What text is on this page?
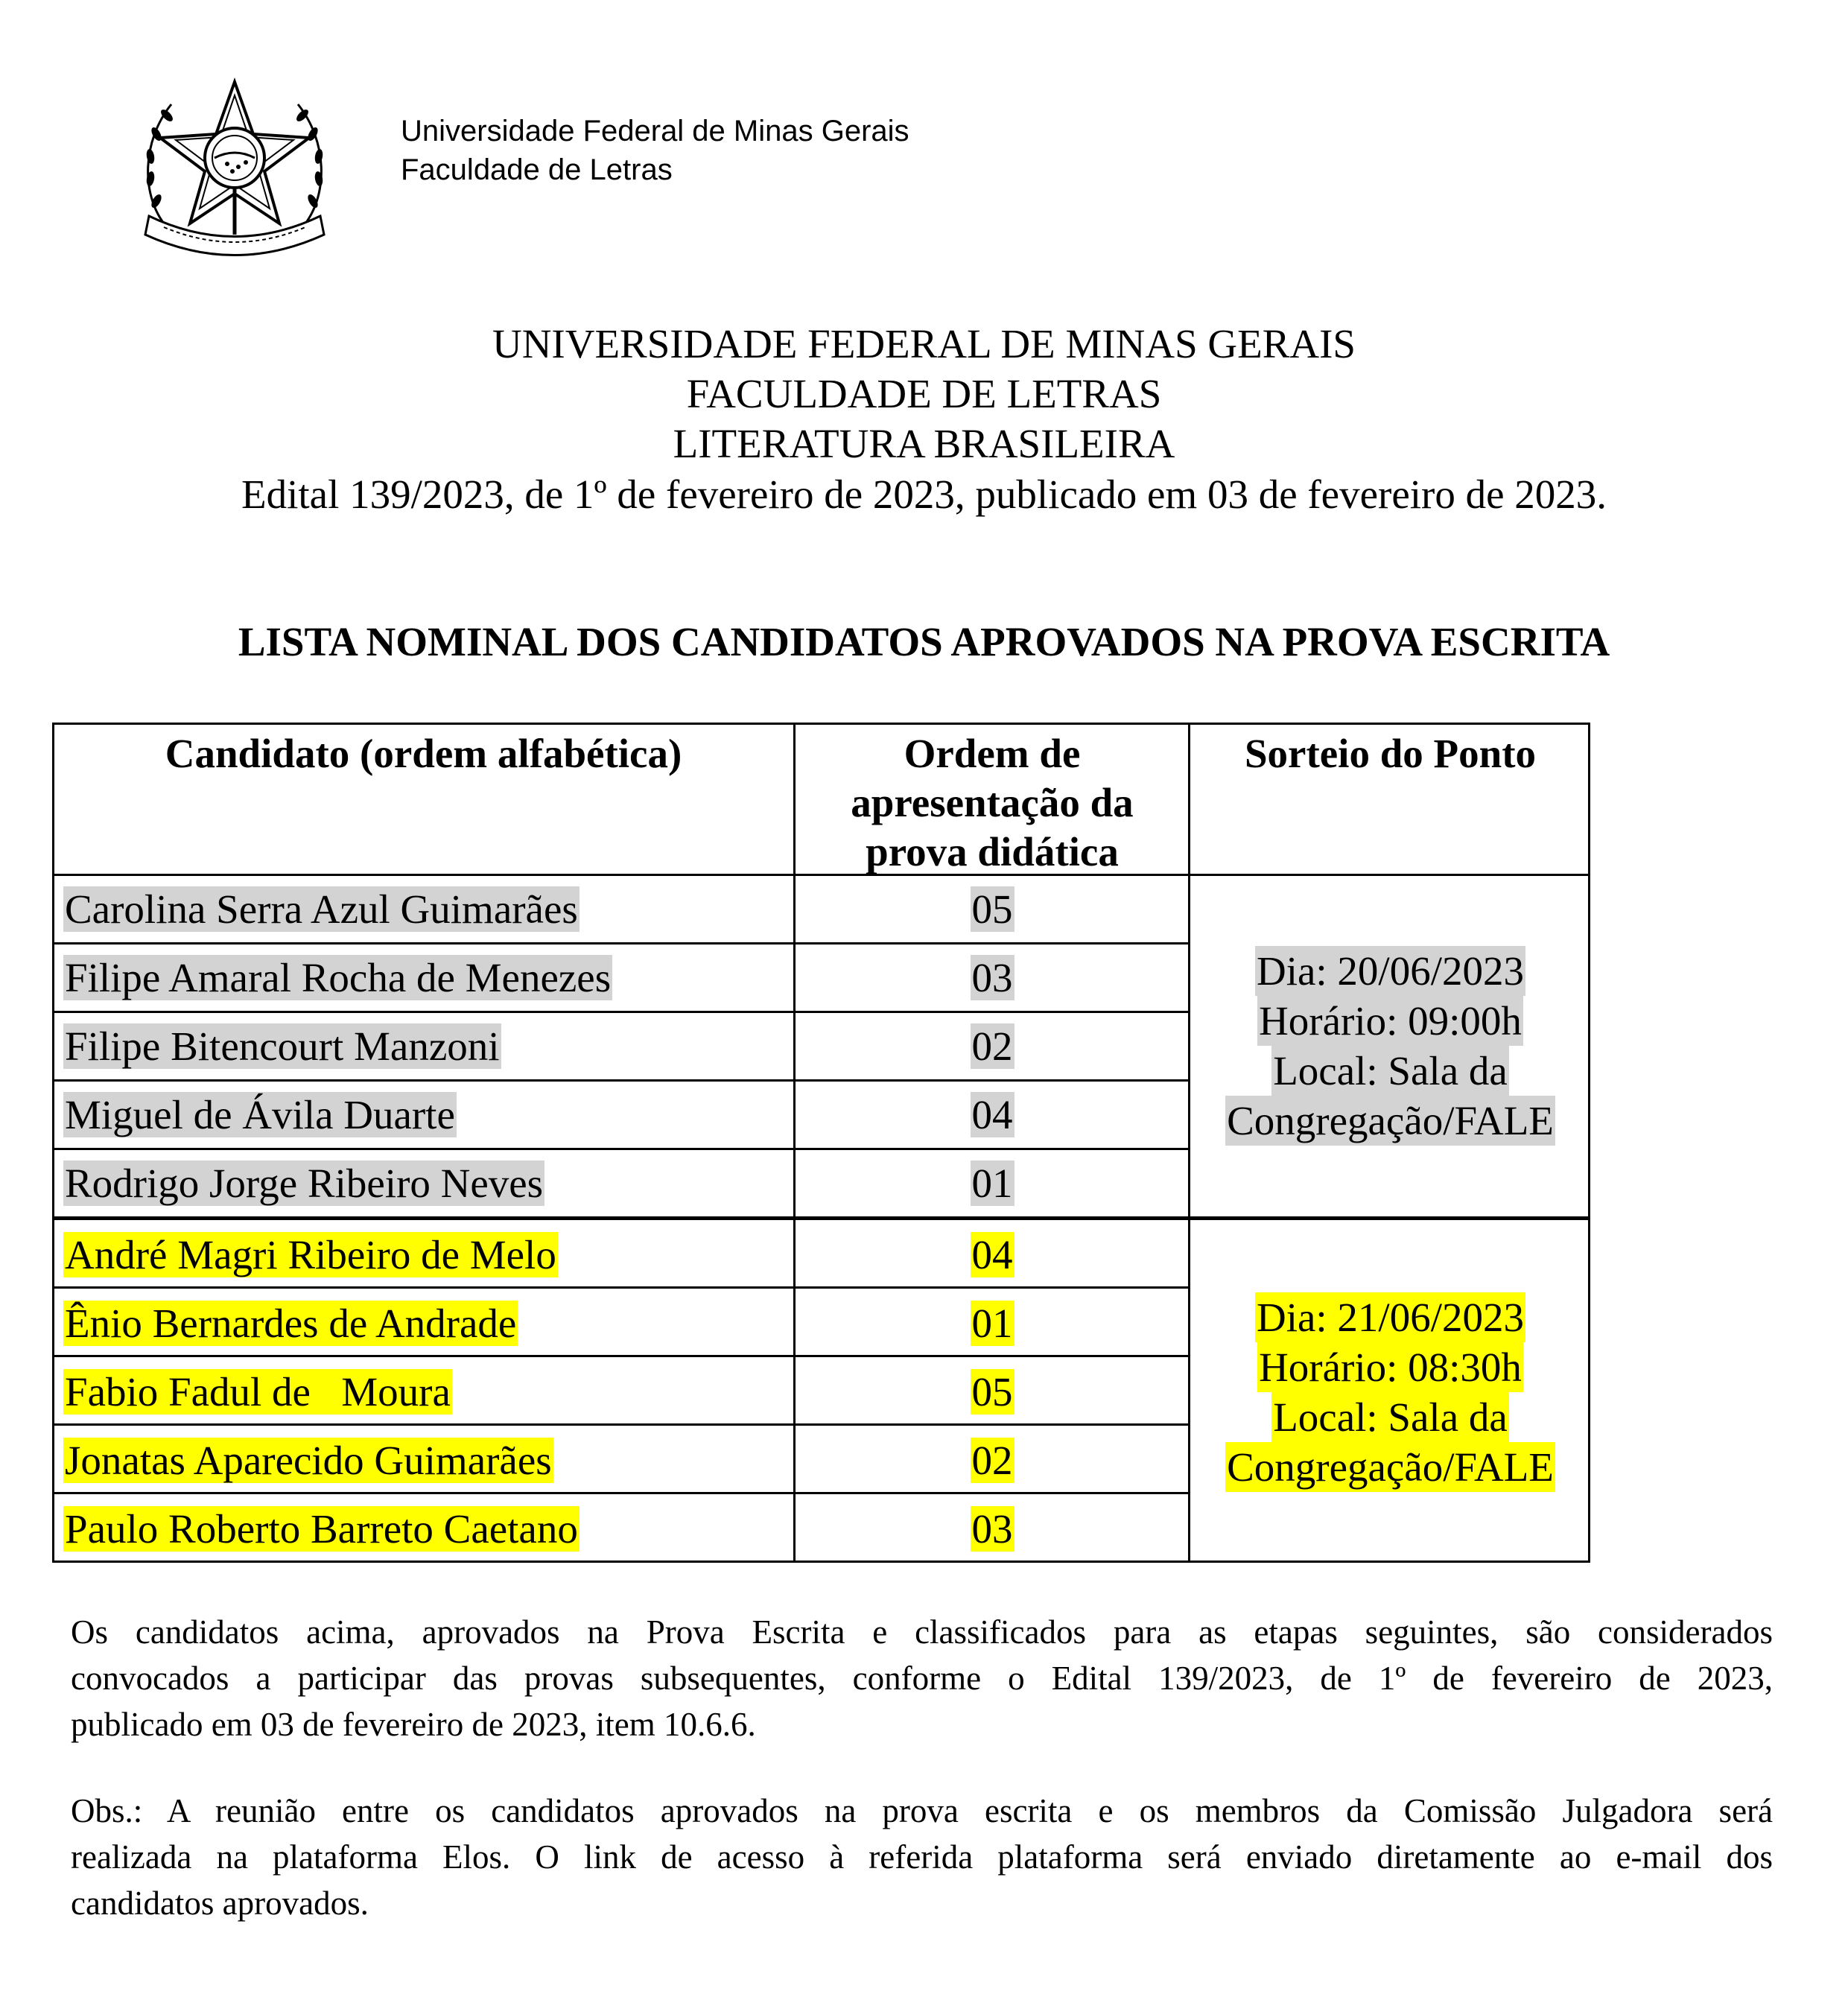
Universidade Federal de Minas Gerais
Faculdade de Letras
UNIVERSIDADE FEDERAL DE MINAS GERAIS
FACULDADE DE LETRAS
LITERATURA BRASILEIRA
Edital 139/2023, de 1º de fevereiro de 2023, publicado em 03 de fevereiro de 2023.
LISTA NOMINAL DOS CANDIDATOS APROVADOS NA PROVA ESCRITA
Candidato (ordem alfabética)	Ordem de
apresentação da
prova didática
Sorteio do Ponto
Carolina Serra Azul Guimarães	05
Filipe Amaral Rocha de Menezes	03
Filipe Bitencourt Manzoni	02
Miguel de Ávila Duarte	04
Rodrigo Jorge Ribeiro Neves	01
Dia: 20/06/2023
Horário: 09:00h
Local: Sala da
Congregação/FALE
André Magri Ribeiro de Melo	04
Ênio Bernardes de Andrade	01
Fabio Fadul de   Moura	05
Jonatas Aparecido Guimarães	02
Paulo Roberto Barreto Caetano	03
Dia: 21/06/2023
Horário: 08:30h
Local: Sala da
Congregação/FALE
Os candidatos acima, aprovados na Prova Escrita e classificados para as etapas seguintes, são considerados
convocados a participar das provas subsequentes, conforme o Edital 139/2023, de 1º de fevereiro de 2023,
publicado em 03 de fevereiro de 2023, item 10.6.6.
Obs.: A reunião entre os candidatos aprovados na prova escrita e os membros da Comissão Julgadora será
realizada na plataforma Elos. O link de acesso à referida plataforma será enviado diretamente ao e-mail dos
candidatos aprovados.
